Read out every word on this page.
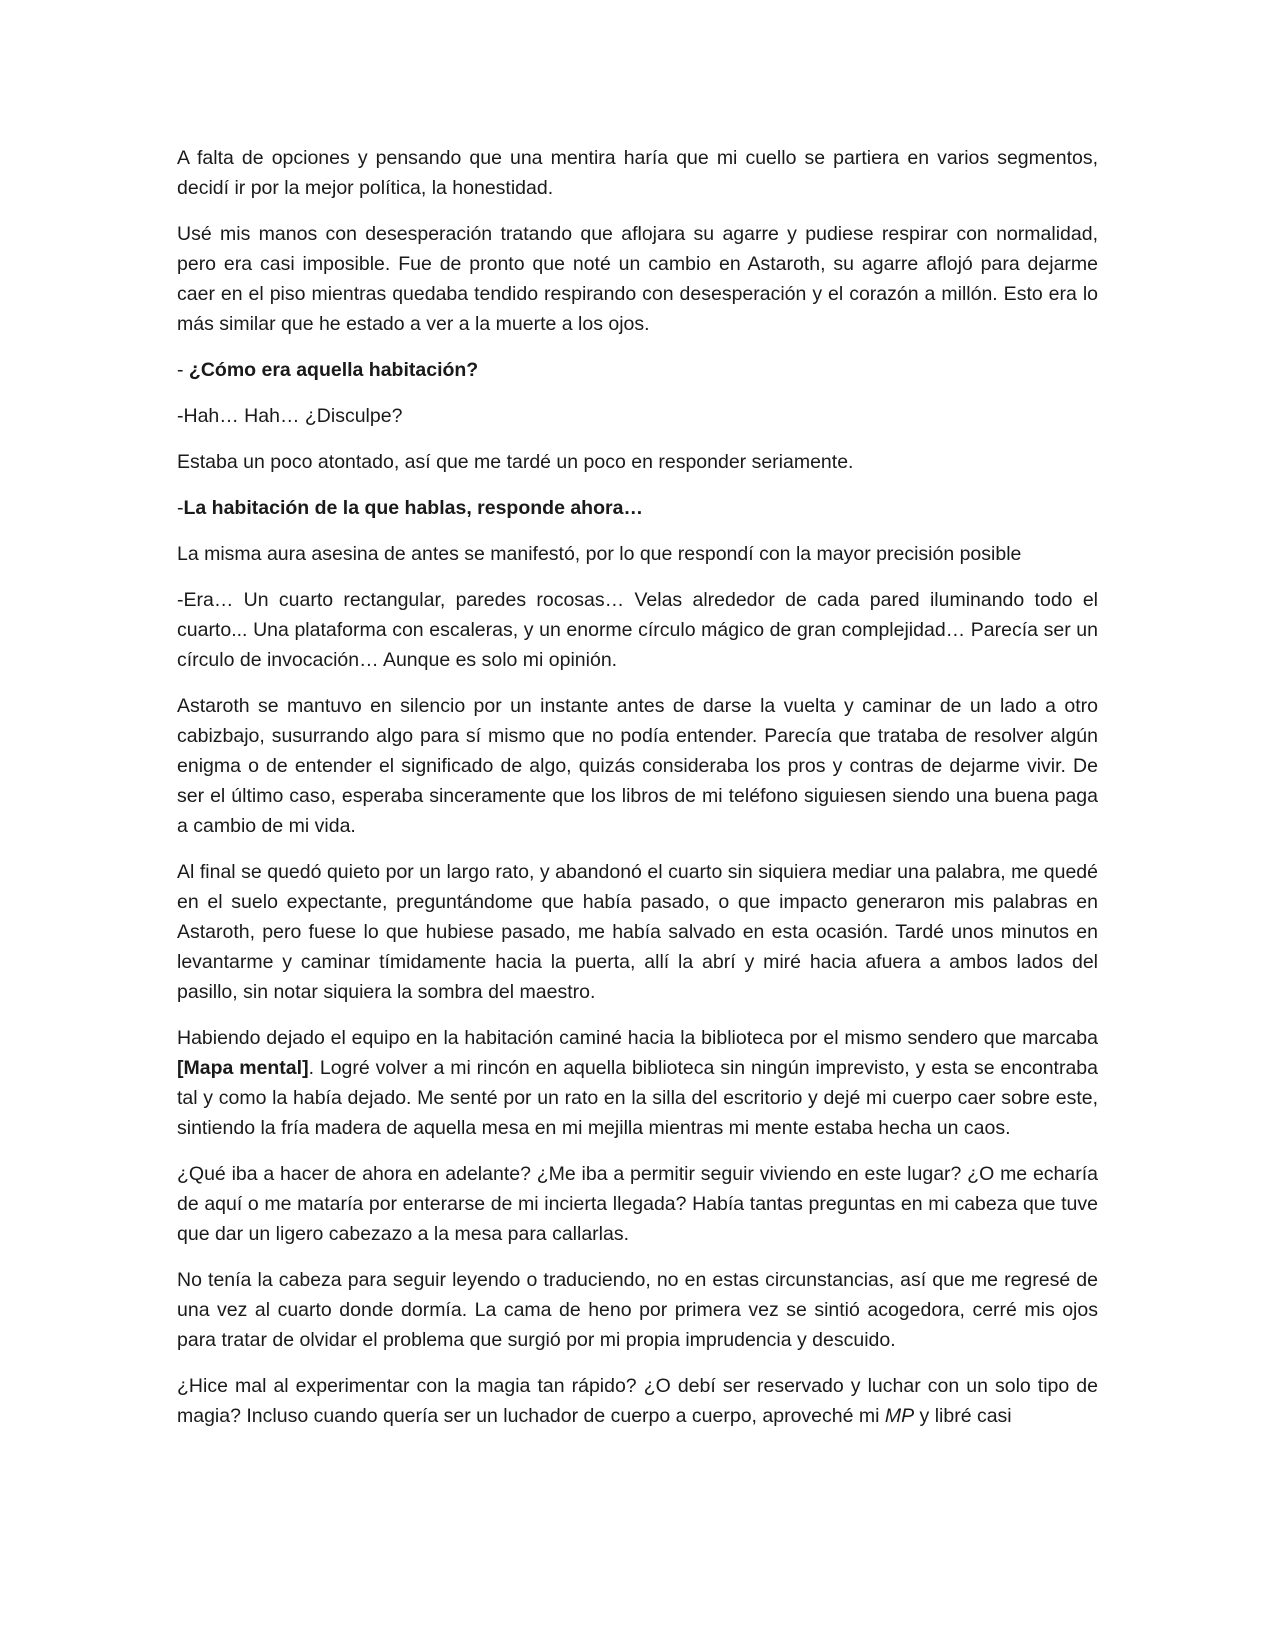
A falta de opciones y pensando que una mentira haría que mi cuello se partiera en varios segmentos, decidí ir por la mejor política, la honestidad.

Usé mis manos con desesperación tratando que aflojara su agarre y pudiese respirar con normalidad, pero era casi imposible. Fue de pronto que noté un cambio en Astaroth, su agarre aflojó para dejarme caer en el piso mientras quedaba tendido respirando con desesperación y el corazón a millón. Esto era lo más similar que he estado a ver a la muerte a los ojos.

- ¿Cómo era aquella habitación?

-Hah… Hah… ¿Disculpe?

Estaba un poco atontado, así que me tardé un poco en responder seriamente.

-La habitación de la que hablas, responde ahora…

La misma aura asesina de antes se manifestó, por lo que respondí con la mayor precisión posible

-Era… Un cuarto rectangular, paredes rocosas… Velas alrededor de cada pared iluminando todo el cuarto... Una plataforma con escaleras, y un enorme círculo mágico de gran complejidad… Parecía ser un círculo de invocación… Aunque es solo mi opinión.

Astaroth se mantuvo en silencio por un instante antes de darse la vuelta y caminar de un lado a otro cabizbajo, susurrando algo para sí mismo que no podía entender. Parecía que trataba de resolver algún enigma o de entender el significado de algo, quizás consideraba los pros y contras de dejarme vivir. De ser el último caso, esperaba sinceramente que los libros de mi teléfono siguiesen siendo una buena paga a cambio de mi vida.

Al final se quedó quieto por un largo rato, y abandonó el cuarto sin siquiera mediar una palabra, me quedé en el suelo expectante, preguntándome que había pasado, o que impacto generaron mis palabras en Astaroth, pero fuese lo que hubiese pasado, me había salvado en esta ocasión. Tardé unos minutos en levantarme y caminar tímidamente hacia la puerta, allí la abrí y miré hacia afuera a ambos lados del pasillo, sin notar siquiera la sombra del maestro.

Habiendo dejado el equipo en la habitación caminé hacia la biblioteca por el mismo sendero que marcaba [Mapa mental]. Logré volver a mi rincón en aquella biblioteca sin ningún imprevisto, y esta se encontraba tal y como la había dejado. Me senté por un rato en la silla del escritorio y dejé mi cuerpo caer sobre este, sintiendo la fría madera de aquella mesa en mi mejilla mientras mi mente estaba hecha un caos.

¿Qué iba a hacer de ahora en adelante? ¿Me iba a permitir seguir viviendo en este lugar? ¿O me echaría de aquí o me mataría por enterarse de mi incierta llegada? Había tantas preguntas en mi cabeza que tuve que dar un ligero cabezazo a la mesa para callarlas.

No tenía la cabeza para seguir leyendo o traduciendo, no en estas circunstancias, así que me regresé de una vez al cuarto donde dormía. La cama de heno por primera vez se sintió acogedora, cerré mis ojos para tratar de olvidar el problema que surgió por mi propia imprudencia y descuido.

¿Hice mal al experimentar con la magia tan rápido? ¿O debí ser reservado y luchar con un solo tipo de magia? Incluso cuando quería ser un luchador de cuerpo a cuerpo, aproveché mi MP y libré casi
